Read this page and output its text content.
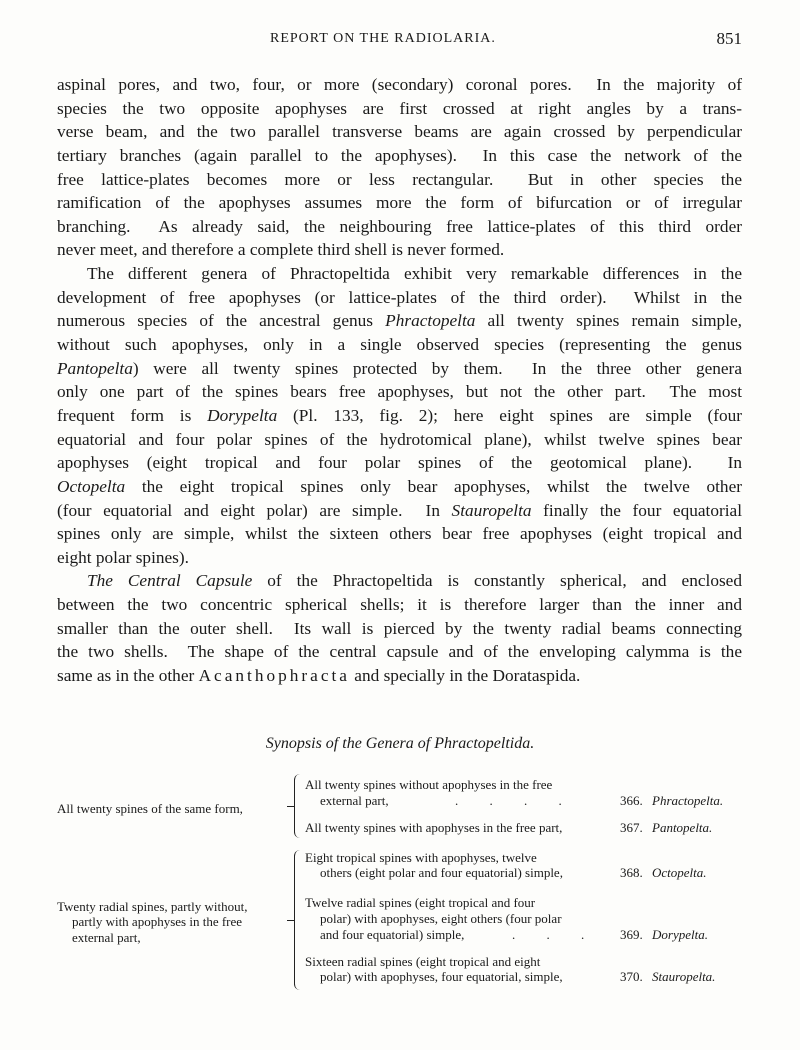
REPORT ON THE RADIOLARIA.	851
aspinal pores, and two, four, or more (secondary) coronal pores.  In the majority of
species the two opposite apophyses are first crossed at right angles by a trans-
verse beam, and the two parallel transverse beams are again crossed by perpendicular
tertiary branches (again parallel to the apophyses).  In this case the network of the
free lattice-plates becomes more or less rectangular.  But in other species the
ramification of the apophyses assumes more the form of bifurcation or of irregular
branching.  As already said, the neighbouring free lattice-plates of this third order
never meet, and therefore a complete third shell is never formed.
The different genera of Phractopeltida exhibit very remarkable differences in the
development of free apophyses (or lattice-plates of the third order).  Whilst in the
numerous species of the ancestral genus Phractopelta all twenty spines remain simple,
without such apophyses, only in a single observed species (representing the genus
Pantopelta) were all twenty spines protected by them.  In the three other genera
only one part of the spines bears free apophyses, but not the other part.  The most
frequent form is Dorypelta (Pl. 133, fig. 2); here eight spines are simple (four
equatorial and four polar spines of the hydrotomical plane), whilst twelve spines bear
apophyses (eight tropical and four polar spines of the geotomical plane).  In
Octopelta the eight tropical spines only bear apophyses, whilst the twelve other
(four equatorial and eight polar) are simple.  In Stauropelta finally the four equatorial
spines only are simple, whilst the sixteen others bear free apophyses (eight tropical and
eight polar spines).
The Central Capsule of the Phractopeltida is constantly spherical, and enclosed
between the two concentric spherical shells; it is therefore larger than the inner and
smaller than the outer shell.  Its wall is pierced by the twenty radial beams connecting
the two shells.  The shape of the central capsule and of the enveloping calymma is the
same as in the other Acanthophracta and specially in the Dorataspida.
Synopsis of the Genera of Phractopeltida.
All twenty spines of the same form,
All twenty spines without apophyses in the free
external part,	. . . .	366. Phractopelta.
All twenty spines with apophyses in the free part,	367. Pantopelta.
Twenty radial spines, partly without,
partly with apophyses in the free
external part,
Eight tropical spines with apophyses, twelve
others (eight polar and four equatorial) simple,	368. Octopelta.
Twelve radial spines (eight tropical and four
polar) with apophyses, eight others (four polar
and four equatorial) simple,	. . .	369. Dorypelta.
Sixteen radial spines (eight tropical and eight
polar) with apophyses, four equatorial, simple,	370. Stauropelta.
